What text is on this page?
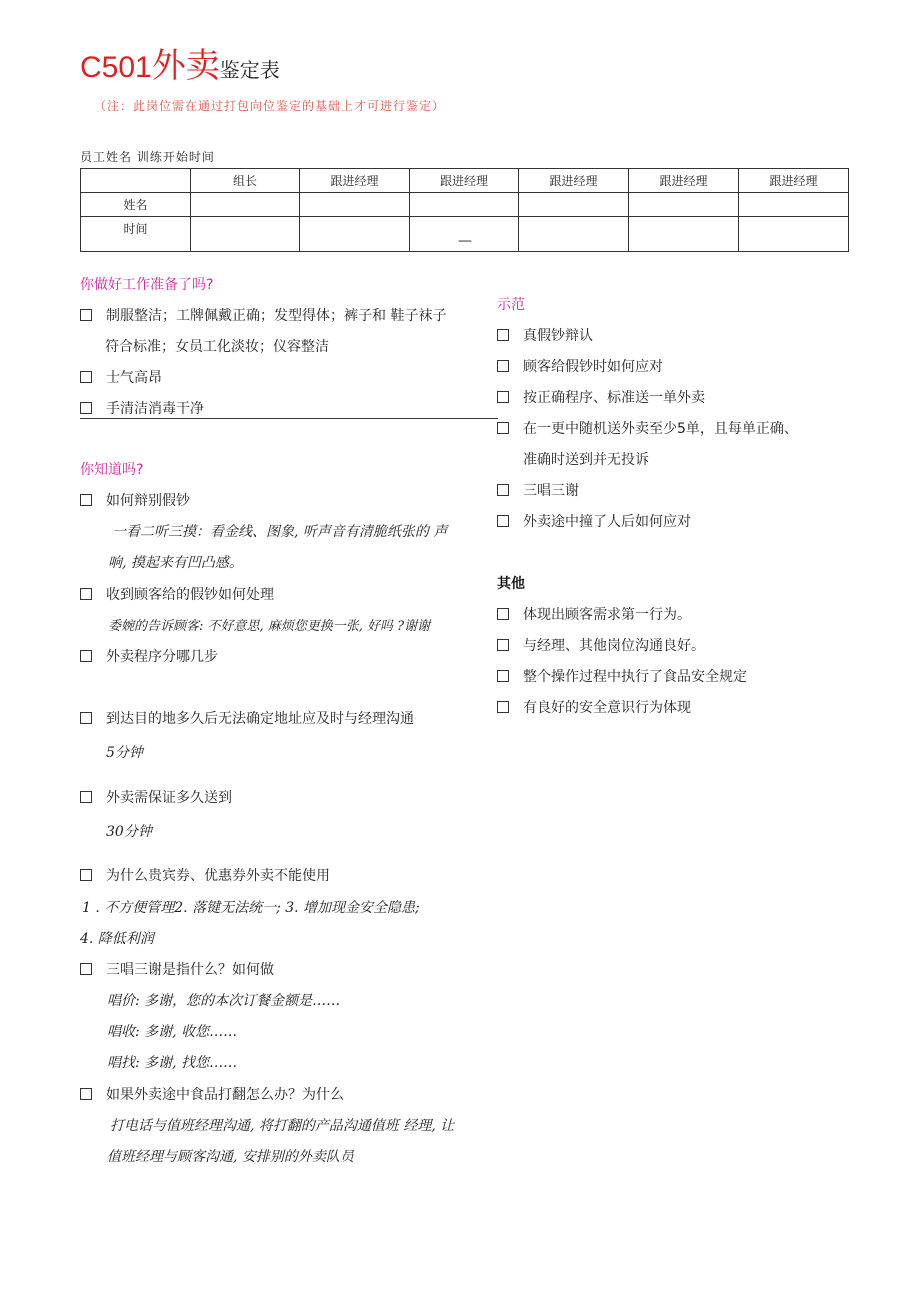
C501外卖鉴定表
（注：此岗位需在通过打包向位鉴定的基础上才可进行鉴定）
员工姓名 训练开始时间
	组长	跟进经理	跟进经理	跟进经理	跟进经理	跟进经理
姓名						
时间			—			

你做好工作准备了吗?
制服整洁；工牌佩戴正确；发型得体；裤子和 鞋子袜子
符合标准；女员工化淡妆；仪容整洁
士气高昂
手清洁消毒干净
你知道吗?
如何辩别假钞
一看二听三摸：看金线、图象, 听声音有清脆纸张的 声
响, 摸起来有凹凸感。
收到顾客给的假钞如何处理
委婉的告诉顾客: 不好意思, 麻烦您更换一张, 好吗 ?谢谢
外卖程序分哪几步
到达目的地多久后无法确定地址应及时与经理沟通
5分钟
外卖需保证多久送到
30分钟
为什么贵宾券、优惠券外卖不能使用
1 . 不方便管理2. 落键无法统一; 3. 增加现金安全隐患;
4. 降低利润
三唱三谢是指什么？如何做
唱价: 多谢，您的本次订餐金额是……
唱收: 多谢, 收您……
唱找: 多谢, 找您……
如果外卖途中食品打翻怎么办？为什么
打电话与值班经理沟通, 将打翻的产品沟通值班 经理, 让
值班经理与顾客沟通, 安排别的外卖队员
示范
真假钞辩认
顾客给假钞时如何应对
按正确程序、标准送一单外卖
在一更中随机送外卖至少5单，且每单正确、
准确时送到并无投诉
三唱三谢
外卖途中撞了人后如何应对
其他
体现出顾客需求第一行为。
与经理、其他岗位沟通良好。
整个操作过程中执行了食品安全规定
有良好的安全意识行为体现
